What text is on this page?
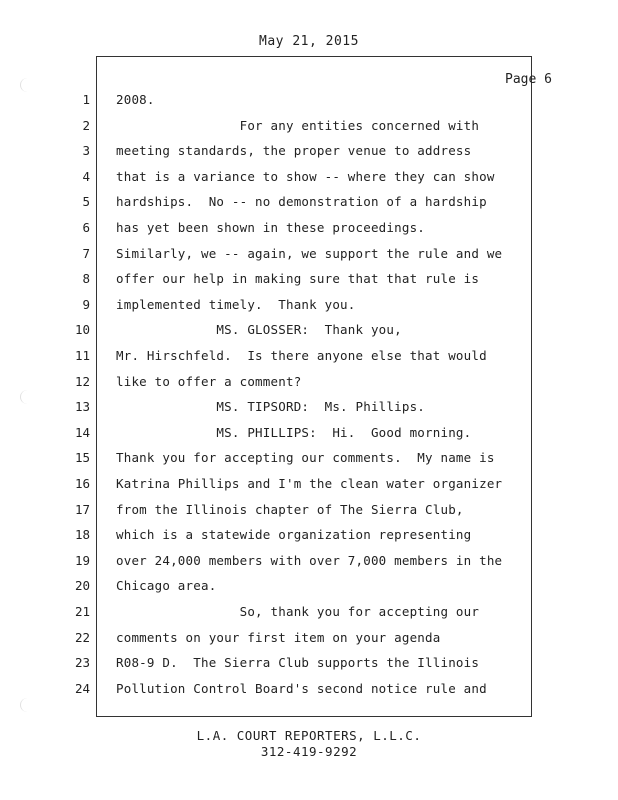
May 21, 2015
Page 6
1 2008.
2 For any entities concerned with
3 meeting standards, the proper venue to address
4 that is a variance to show -- where they can show
5 hardships.  No -- no demonstration of a hardship
6 has yet been shown in these proceedings.
7 Similarly, we -- again, we support the rule and we
8 offer our help in making sure that that rule is
9 implemented timely.  Thank you.
10 MS. GLOSSER:  Thank you,
11 Mr. Hirschfeld.  Is there anyone else that would
12 like to offer a comment?
13 MS. TIPSORD:  Ms. Phillips.
14 MS. PHILLIPS:  Hi.  Good morning.
15 Thank you for accepting our comments.  My name is
16 Katrina Phillips and I'm the clean water organizer
17 from the Illinois chapter of The Sierra Club,
18 which is a statewide organization representing
19 over 24,000 members with over 7,000 members in the
20 Chicago area.
21 So, thank you for accepting our
22 comments on your first item on your agenda
23 R08-9 D.  The Sierra Club supports the Illinois
24 Pollution Control Board's second notice rule and
L.A. COURT REPORTERS, L.L.C.
312-419-9292
